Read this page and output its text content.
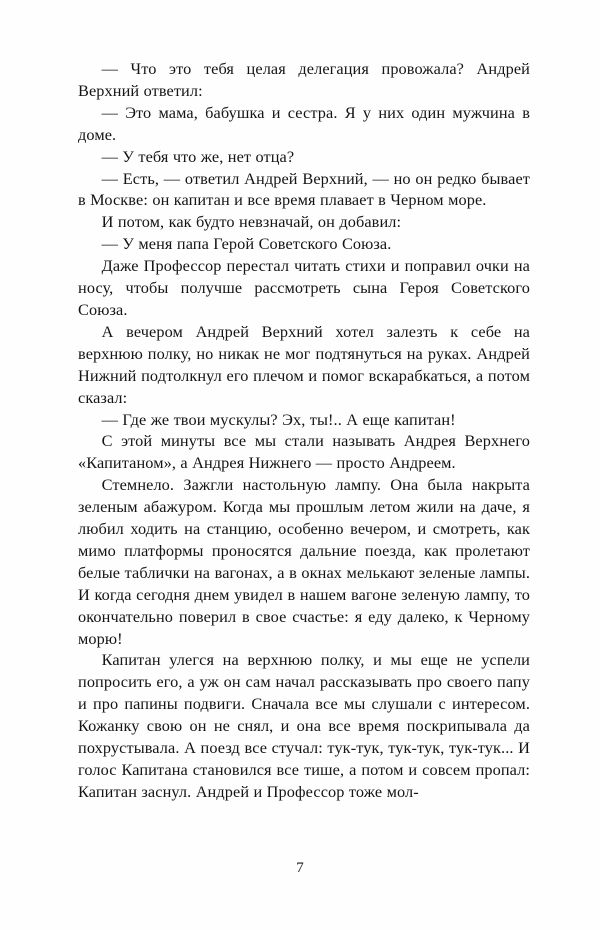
— Что это тебя целая делегация провожала? Андрей Верхний ответил:

— Это мама, бабушка и сестра. Я у них один мужчина в доме.

— У тебя что же, нет отца?

— Есть, — ответил Андрей Верхний, — но он редко бывает в Москве: он капитан и все время плавает в Черном море.

И потом, как будто невзначай, он добавил:

— У меня папа Герой Советского Союза.

Даже Профессор перестал читать стихи и поправил очки на носу, чтобы получше рассмотреть сына Героя Советского Союза.

А вечером Андрей Верхний хотел залезть к себе на верхнюю полку, но никак не мог подтянуться на руках. Андрей Нижний подтолкнул его плечом и помог вскарабкаться, а потом сказал:

— Где же твои мускулы? Эх, ты!.. А еще капитан!

С этой минуты все мы стали называть Андрея Верхнего «Капитаном», а Андрея Нижнего — просто Андреем.

Стемнело. Зажгли настольную лампу. Она была накрыта зеленым абажуром. Когда мы прошлым летом жили на даче, я любил ходить на станцию, особенно вечером, и смотреть, как мимо платформы проносятся дальние поезда, как пролетают белые таблички на вагонах, а в окнах мелькают зеленые лампы. И когда сегодня днем увидел в нашем вагоне зеленую лампу, то окончательно поверил в свое счастье: я еду далеко, к Черному морю!

Капитан улегся на верхнюю полку, и мы еще не успели попросить его, а уж он сам начал рассказывать про своего папу и про папины подвиги. Сначала все мы слушали с интересом. Кожанку свою он не снял, и она все время поскрипывала да похрустывала. А поезд все стучал: тук-тук, тук-тук, тук-тук... И голос Капитана становился все тише, а потом и совсем пропал: Капитан заснул. Андрей и Профессор тоже мол-

7
